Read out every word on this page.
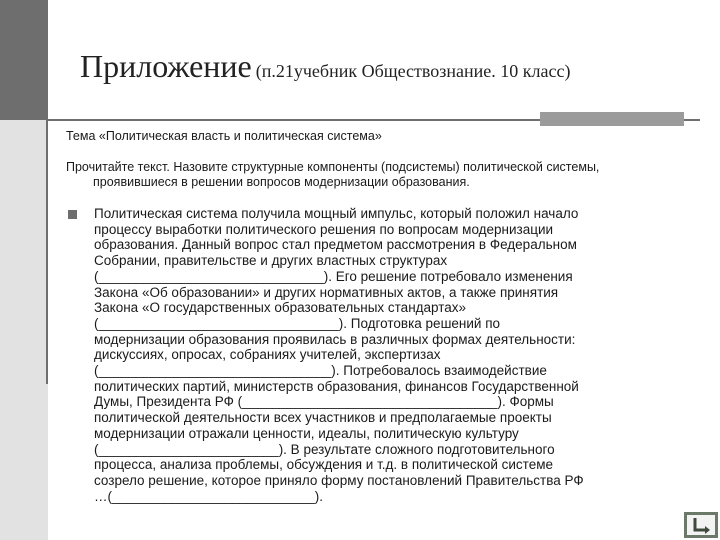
Приложение (п.21учебник Обществознание. 10 класс)
Тема «Политическая власть и политическая система»
Прочитайте текст. Назовите структурные компоненты (подсистемы) политической системы,
проявившиеся в решении вопросов модернизации образования.
Политическая система получила мощный импульс, который положил начало
процессу выработки политического решения по вопросам модернизации
образования. Данный вопрос стал предметом рассмотрения в Федеральном
Собрании, правительстве и других властных структурах
(______________________________). Его решение потребовало изменения
Закона «Об образовании» и других нормативных актов, а также принятия
Закона «О государственных образовательных стандартах»
(________________________________). Подготовка решений по
модернизации образования проявилась в различных формах деятельности:
дискуссиях, опросах, собраниях учителей, экспертизах
(_______________________________). Потребовалось взаимодействие
политических партий, министерств образования, финансов Государственной
Думы, Президента РФ (__________________________________). Формы
политической деятельности всех участников и предполагаемые проекты
модернизации отражали ценности, идеалы, политическую культуру
(________________________). В результате сложного подготовительного
процесса, анализа проблемы, обсуждения и т.д. в политической системе
созрело решение, которое приняло форму постановлений Правительства РФ
…(___________________________).
